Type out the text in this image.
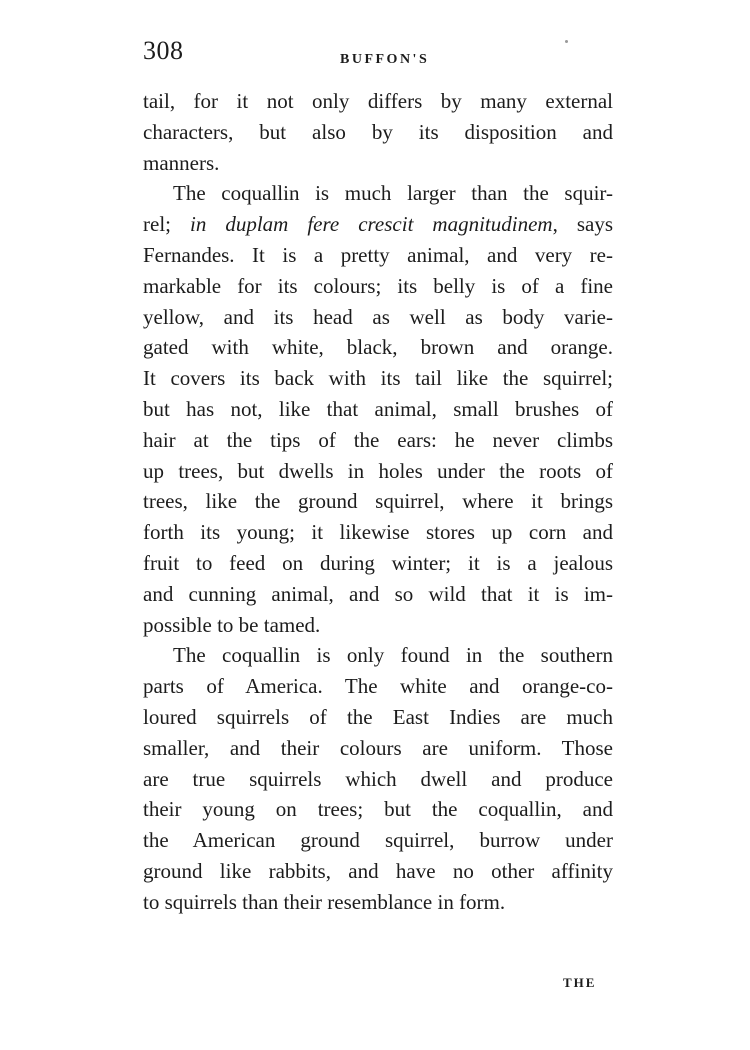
308	BUFFON'S
tail, for it not only differs by many external
characters, but also by its disposition and
manners.
The coquallin is much larger than the squir-
rel; in duplam fere crescit magnitudinem, says
Fernandes. It is a pretty animal, and very re-
markable for its colours; its belly is of a fine
yellow, and its head as well as body varie-
gated with white, black, brown and orange.
It covers its back with its tail like the squirrel;
but has not, like that animal, small brushes of
hair at the tips of the ears: he never climbs
up trees, but dwells in holes under the roots of
trees, like the ground squirrel, where it brings
forth its young; it likewise stores up corn and
fruit to feed on during winter; it is a jealous
and cunning animal, and so wild that it is im-
possible to be tamed.
The coquallin is only found in the southern
parts of America. The white and orange-co-
loured squirrels of the East Indies are much
smaller, and their colours are uniform. Those
are true squirrels which dwell and produce
their young on trees; but the coquallin, and
the American ground squirrel, burrow under
ground like rabbits, and have no other affinity
to squirrels than their resemblance in form.
THE
